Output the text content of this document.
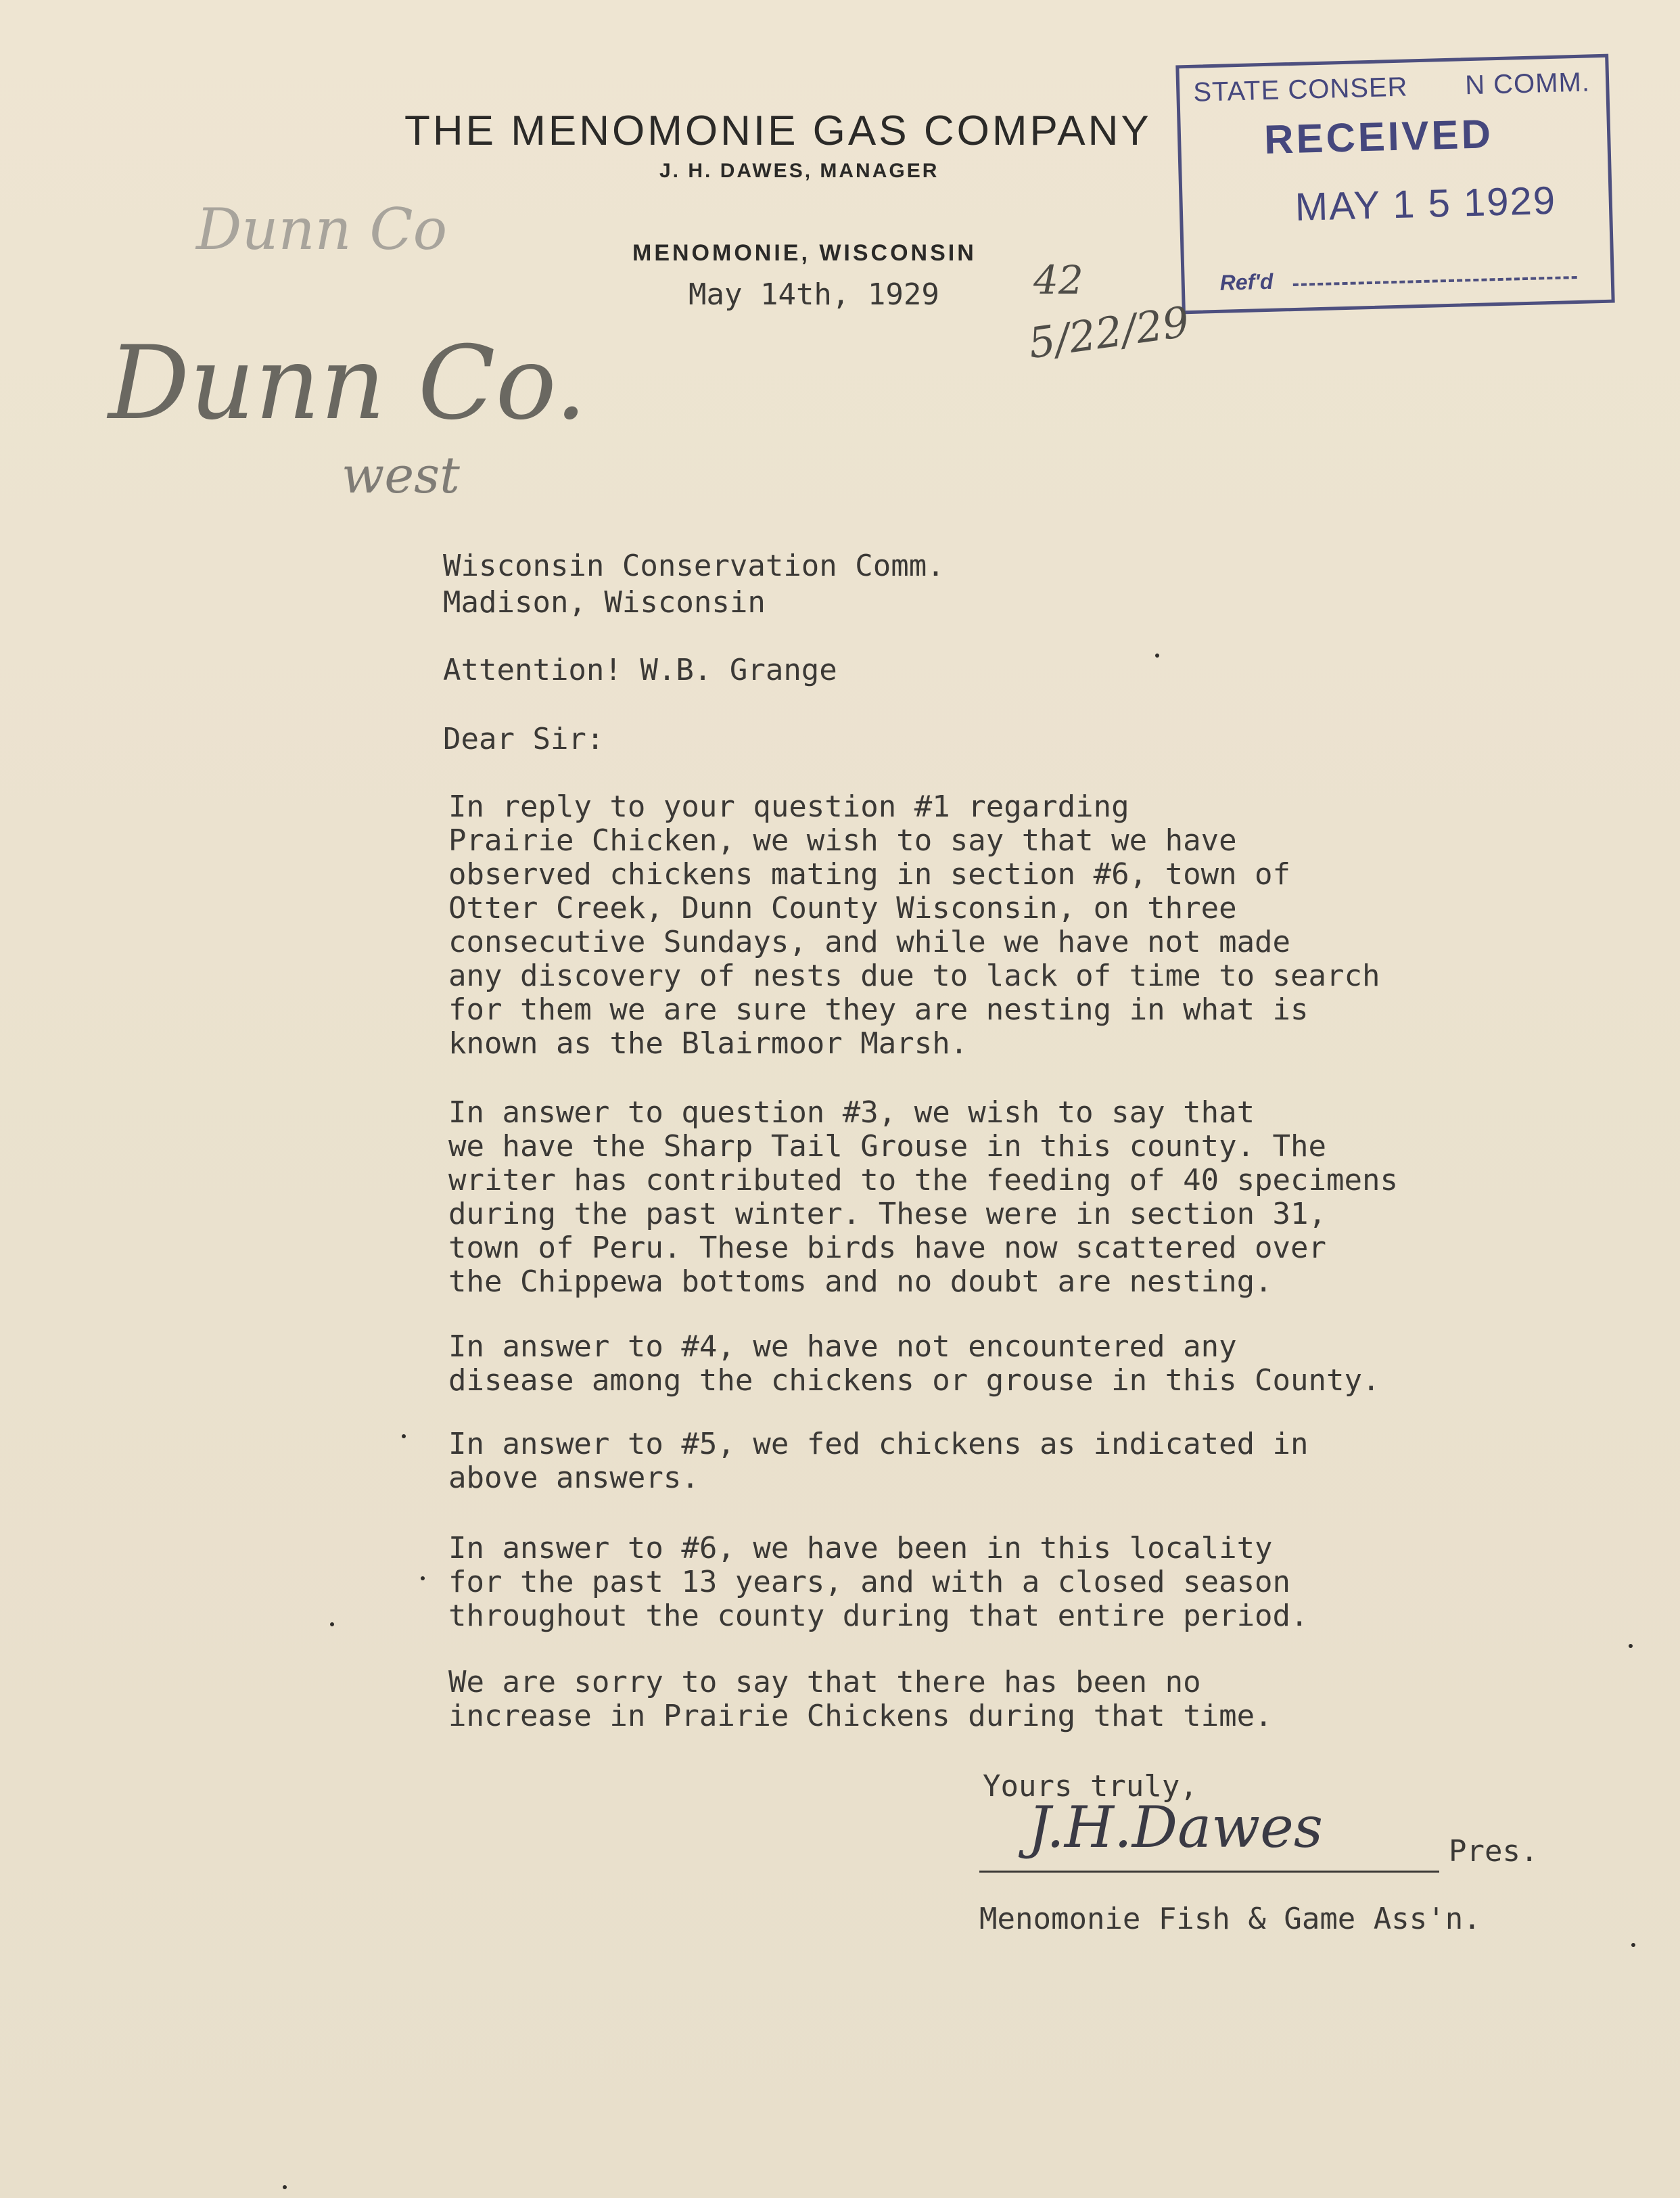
THE MENOMONIE GAS COMPANY
J. H. DAWES, MANAGER
MENOMONIE, WISCONSIN
May 14th, 1929
STATE CONSER       N COMM.
RECEIVED
MAY 1 5 1929
Ref'd
Dunn Co
Dunn Co.
west
42
5/22/29
Wisconsin Conservation Comm.
Madison, Wisconsin
Attention! W.B. Grange
Dear Sir:
In reply to your question #1 regarding
Prairie Chicken, we wish to say that we have
observed chickens mating in section #6, town of
Otter Creek, Dunn County Wisconsin, on three
consecutive Sundays, and while we have not made
any discovery of nests due to lack of time to search
for them we are sure they are nesting in what is
known as the Blairmoor Marsh.
In answer to question #3, we wish to say that
we have the Sharp Tail Grouse in this county. The
writer has contributed to the feeding of 40 specimens
during the past winter. These were in section 31,
town of Peru. These birds have now scattered over
the Chippewa bottoms and no doubt are nesting.
In answer to #4, we have not encountered any
disease among the chickens or grouse in this County.
In answer to #5, we fed chickens as indicated in
above answers.
In answer to #6, we have been in this locality
for the past 13 years, and with a closed season
throughout the county during that entire period.
We are sorry to say that there has been no
increase in Prairie Chickens during that time.
Yours truly,
J.H.Dawes	Pres.
Menomonie Fish & Game Ass'n.
